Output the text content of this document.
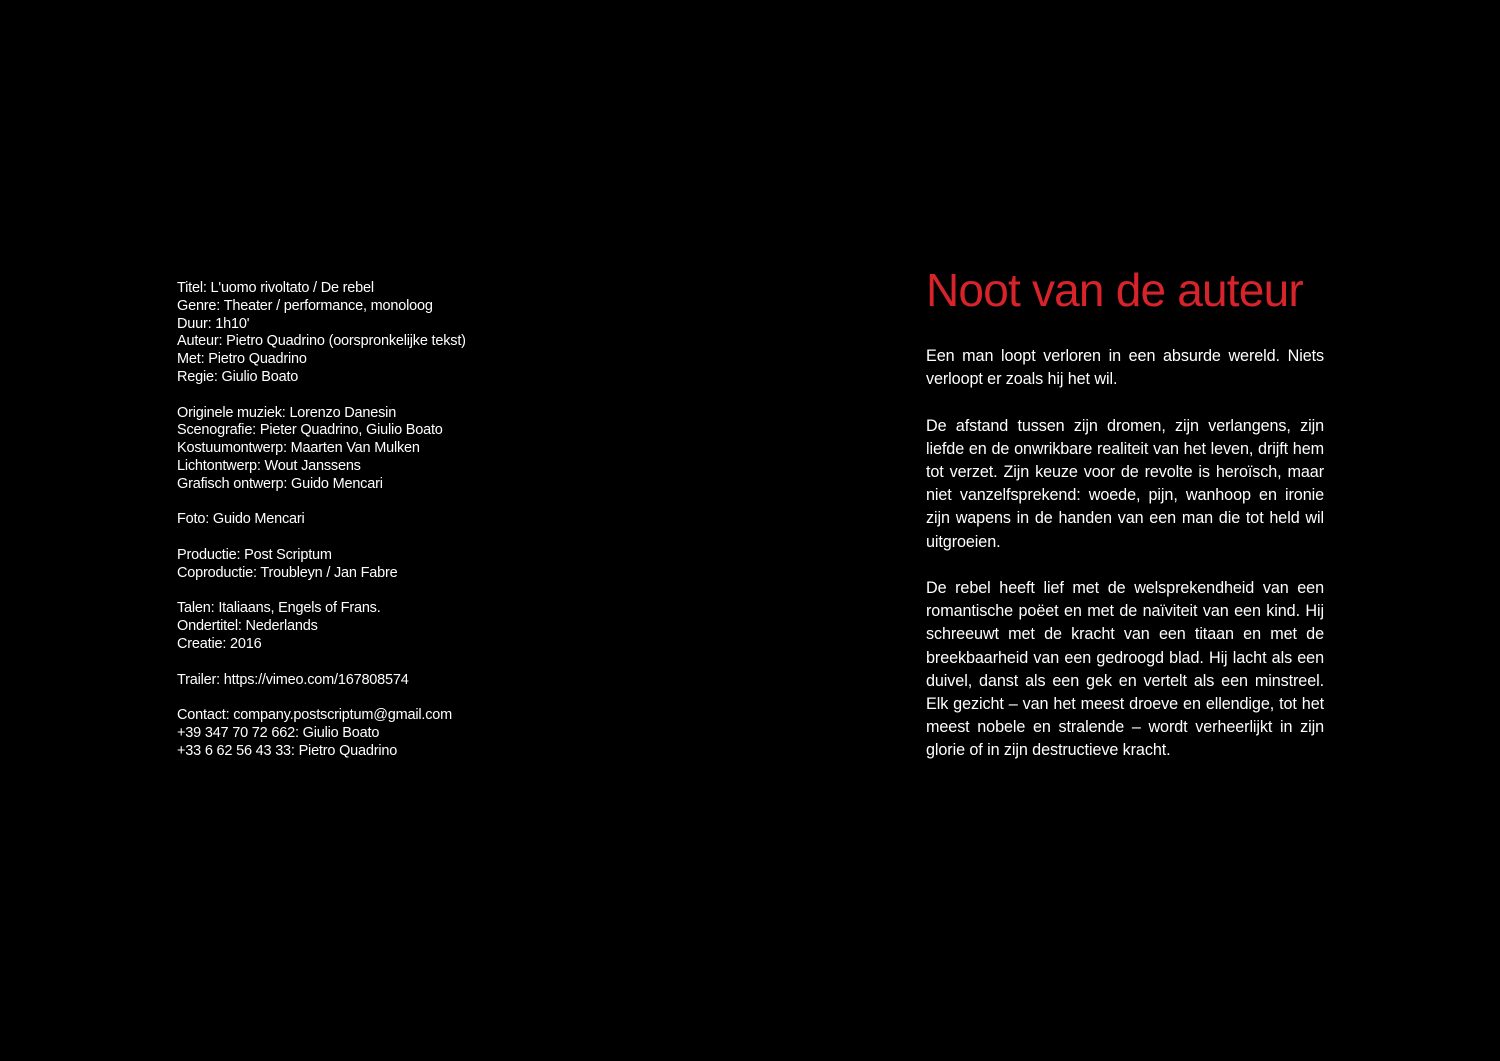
Titel: L'uomo rivoltato / De rebel
Genre: Theater / performance, monoloog
Duur: 1h10'
Auteur: Pietro Quadrino (oorspronkelijke tekst)
Met: Pietro Quadrino
Regie: Giulio Boato
Originele muziek: Lorenzo Danesin
Scenografie: Pieter Quadrino, Giulio Boato
Kostuumontwerp: Maarten Van Mulken
Lichtontwerp: Wout Janssens
Grafisch ontwerp: Guido Mencari
Foto: Guido Mencari
Productie: Post Scriptum
Coproductie: Troubleyn / Jan Fabre
Talen: Italiaans, Engels of Frans.
Ondertitel: Nederlands
Creatie: 2016
Trailer: https://vimeo.com/167808574
Contact: company.postscriptum@gmail.com
+39 347 70 72 662: Giulio Boato
+33 6 62 56 43 33: Pietro Quadrino
Noot van de auteur

Een man loopt verloren in een absurde wereld. Niets verloopt er zoals hij het wil.

De afstand tussen zijn dromen, zijn verlangens, zijn liefde en de onwrikbare realiteit van het leven, drijft hem tot verzet. Zijn keuze voor de revolte is heroïsch, maar niet vanzelfsprekend: woede, pijn, wanhoop en ironie zijn wapens in de handen van een man die tot held wil uitgroeien.

De rebel heeft lief met de welsprekendheid van een romantische poëet en met de naïviteit van een kind. Hij schreeuwt met de kracht van een titaan en met de breekbaarheid van een gedroogd blad. Hij lacht als een duivel, danst als een gek en vertelt als een minstreel. Elk gezicht – van het meest droeve en ellendige, tot het meest nobele en stralende – wordt verheerlijkt in zijn glorie of in zijn destructieve kracht.
